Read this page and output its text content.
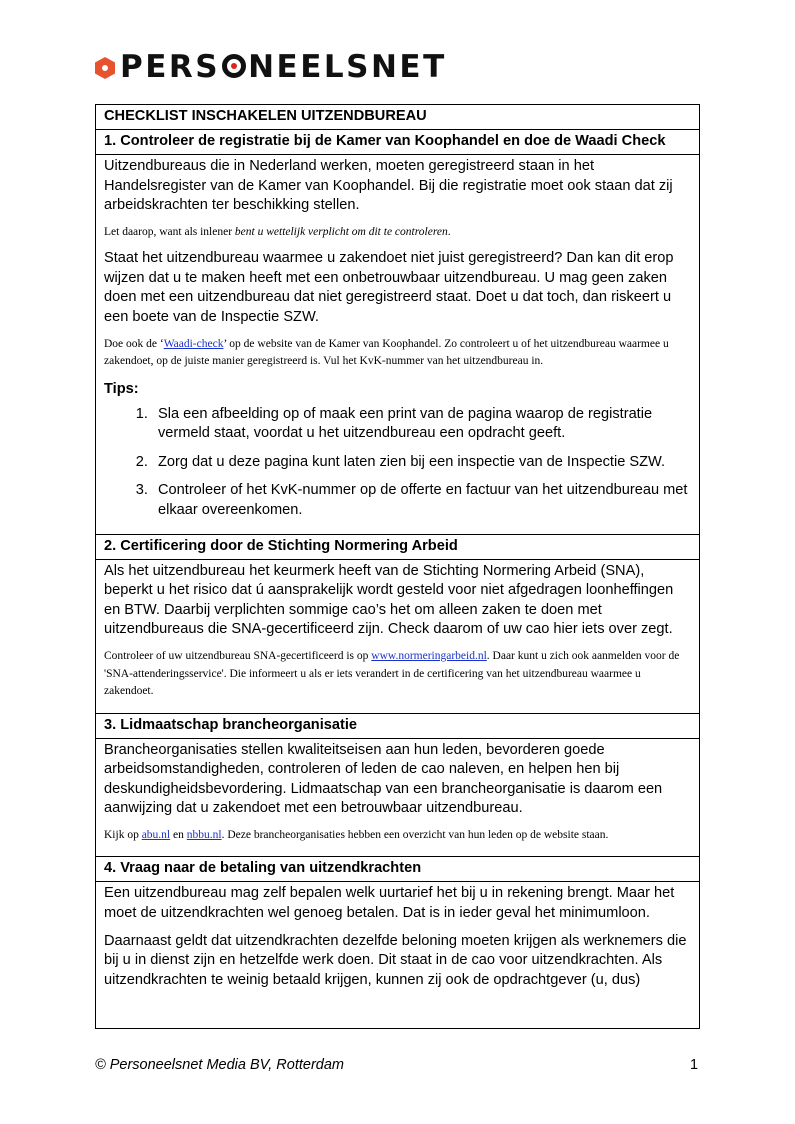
PERS NEELSNET
CHECKLIST INSCHAKELEN UITZENDBUREAU
1. Controleer de registratie bij de Kamer van Koophandel en doe de Waadi Check

Uitzendbureaus die in Nederland werken, moeten geregistreerd staan in het Handelsregister van de Kamer van Koophandel. Bij die registratie moet ook staan dat zij arbeidskrachten ter beschikking stellen.

Let daarop, want als inlener bent u wettelijk verplicht om dit te controleren.

Staat het uitzendbureau waarmee u zakendoet niet juist geregistreerd? Dan kan dit erop wijzen dat u te maken heeft met een onbetrouwbaar uitzendbureau. U mag geen zaken doen met een uitzendbureau dat niet geregistreerd staat. Doet u dat toch, dan riskeert u een boete van de Inspectie SZW.

Doe ook de ‘Waadi-check’ op de website van de Kamer van Koophandel. Zo controleert u of het uitzendbureau waarmee u zakendoet, op de juiste manier geregistreerd is. Vul het KvK-nummer van het uitzendbureau in.

Tips:
1. Sla een afbeelding op of maak een print van de pagina waarop de registratie vermeld staat, voordat u het uitzendbureau een opdracht geeft.
2. Zorg dat u deze pagina kunt laten zien bij een inspectie van de Inspectie SZW.
3. Controleer of het KvK-nummer op de offerte en factuur van het uitzendbureau met elkaar overeenkomen.
2. Certificering door de Stichting Normering Arbeid

Als het uitzendbureau het keurmerk heeft van de Stichting Normering Arbeid (SNA), beperkt u het risico dat ú aansprakelijk wordt gesteld voor niet afgedragen loonheffingen en BTW. Daarbij verplichten sommige cao’s het om alleen zaken te doen met uitzendbureaus die SNA-gecertificeerd zijn. Check daarom of uw cao hier iets over zegt.

Controleer of uw uitzendbureau SNA-gecertificeerd is op www.normeringarbeid.nl. Daar kunt u zich ook aanmelden voor de 'SNA-attenderingsservice'. Die informeert u als er iets verandert in de certificering van het uitzendbureau waarmee u zakendoet.

3. Lidmaatschap brancheorganisatie

Brancheorganisaties stellen kwaliteitseisen aan hun leden, bevorderen goede arbeidsomstandigheden, controleren of leden de cao naleven, en helpen hen bij deskundigheidsbevordering. Lidmaatschap van een brancheorganisatie is daarom een aanwijzing dat u zakendoet met een betrouwbaar uitzendbureau.

Kijk op abu.nl en nbbu.nl. Deze brancheorganisaties hebben een overzicht van hun leden op de website staan.

4. Vraag naar de betaling van uitzendkrachten

Een uitzendbureau mag zelf bepalen welk uurtarief het bij u in rekening brengt. Maar het moet de uitzendkrachten wel genoeg betalen. Dat is in ieder geval het minimumloon.

Daarnaast geldt dat uitzendkrachten dezelfde beloning moeten krijgen als werknemers die bij u in dienst zijn en hetzelfde werk doen. Dit staat in de cao voor uitzendkrachten. Als uitzendkrachten te weinig betaald krijgen, kunnen zij ook de opdrachtgever (u, dus)

© Personeelsnet Media BV, Rotterdam	1
